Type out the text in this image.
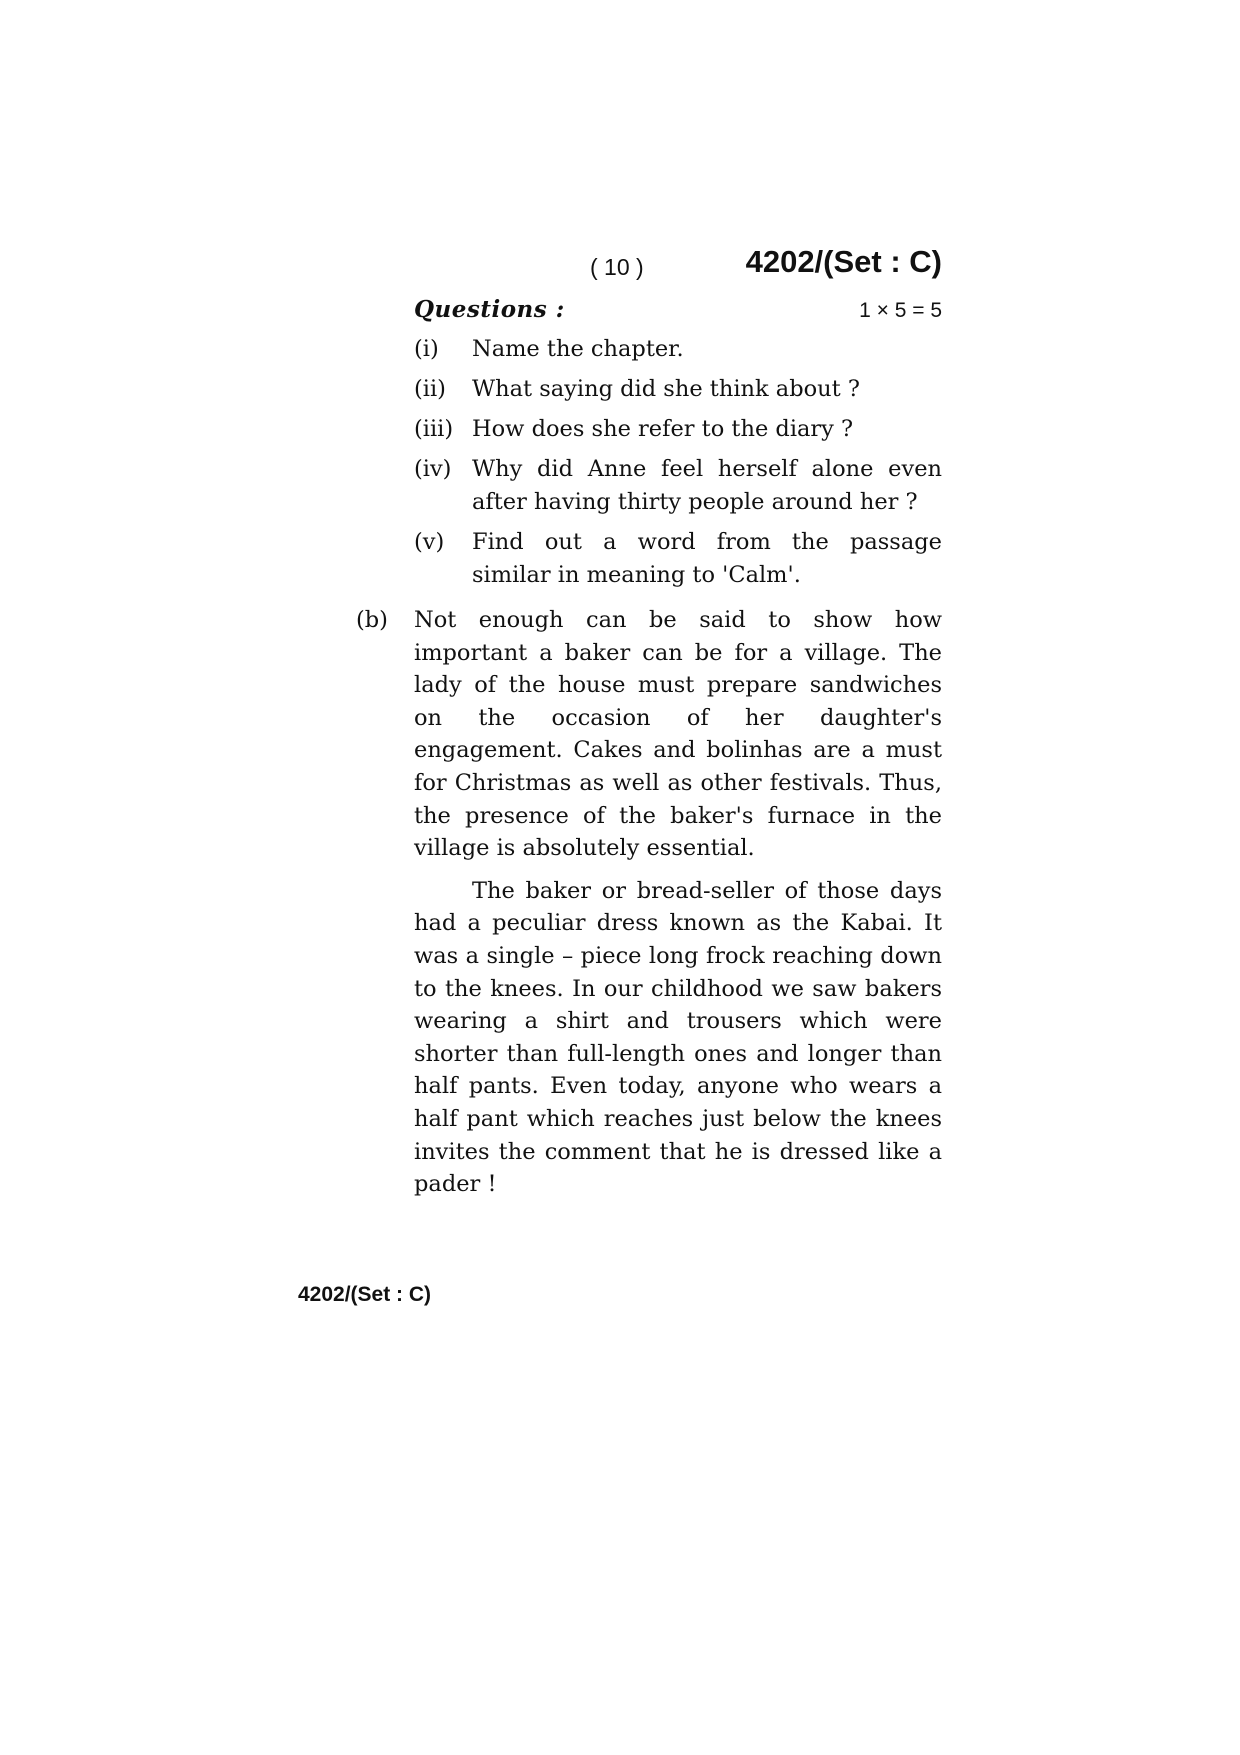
( 10 )	4202/(Set : C)
Questions :	1 × 5 = 5
(i)	Name the chapter.
(ii)	What saying did she think about ?
(iii) How does she refer to the diary ?
(iv) Why did Anne feel herself alone even after having thirty people around her ?
(v)	Find out a word from the passage similar in meaning to 'Calm'.
(b)	Not enough can be said to show how important a baker can be for a village. The lady of the house must prepare sandwiches on the occasion of her daughter's engagement. Cakes and bolinhas are a must for Christmas as well as other festivals. Thus, the presence of the baker's furnace in the village is absolutely essential.

The baker or bread-seller of those days had a peculiar dress known as the Kabai. It was a single – piece long frock reaching down to the knees. In our childhood we saw bakers wearing a shirt and trousers which were shorter than full-length ones and longer than half pants. Even today, anyone who wears a half pant which reaches just below the knees invites the comment that he is dressed like a pader !

4202/(Set : C)
